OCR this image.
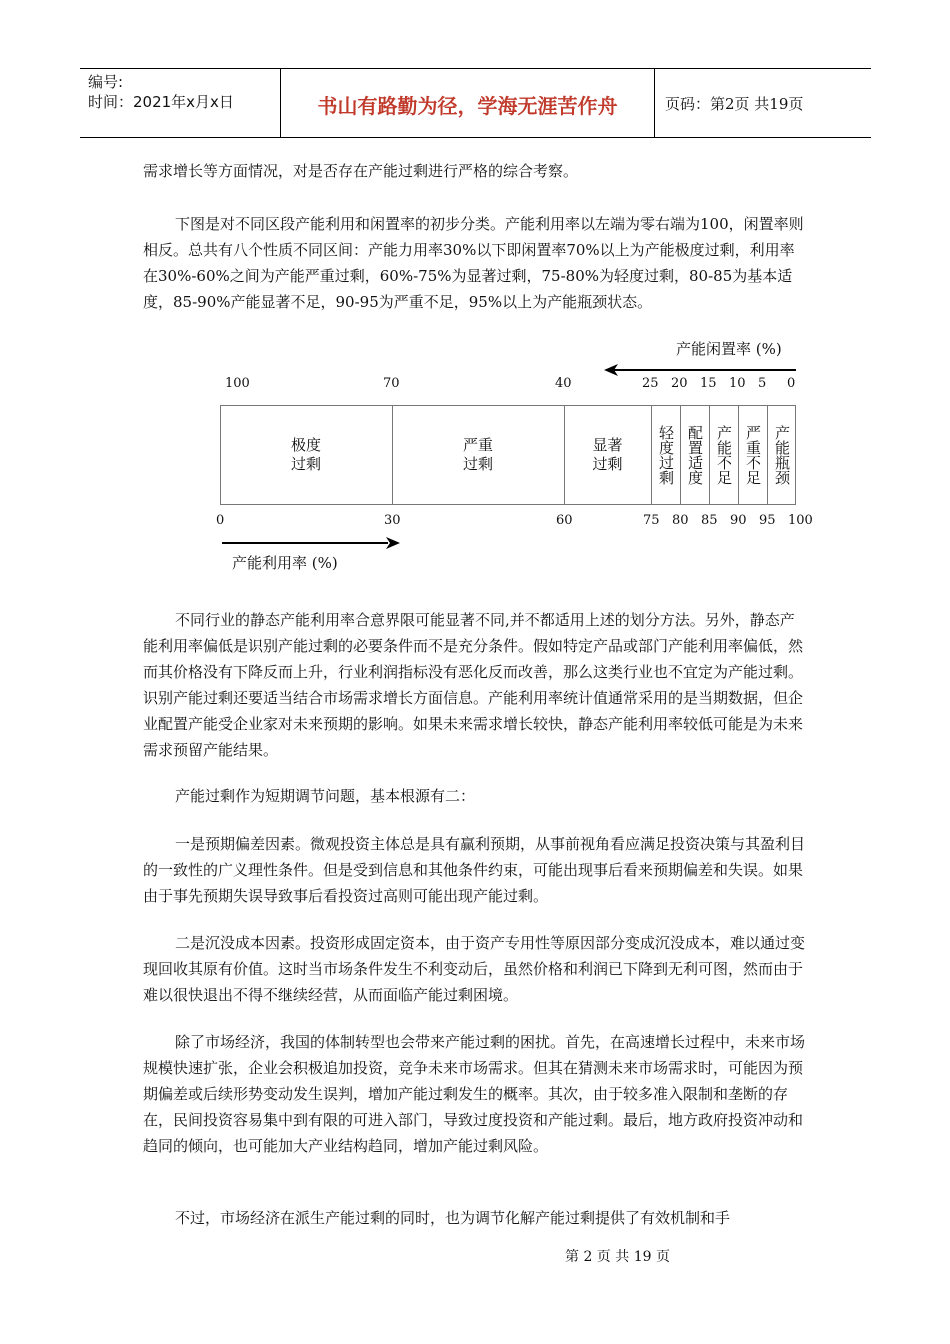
编号:
时间：2021年x月x日	书山有路勤为径，学海无涯苦作舟	页码：第2页 共19页

需求增长等方面情况，对是否存在产能过剩进行严格的综合考察。

下图是对不同区段产能利用和闲置率的初步分类。产能利用率以左端为零右端为100，闲置率则相反。总共有八个性质不同区间：产能力用率30%以下即闲置率70%以上为产能极度过剩，利用率在30%-60%之间为产能严重过剩，60%-75%为显著过剩，75-80%为轻度过剩，80-85为基本适度，85-90%产能显著不足，90-95为严重不足，95%以上为产能瓶颈状态。

产能闲置率 (%)
100	70	40	25 20 15 10 5 0
极度
过剩
严重
过剩
显著
过剩	轻度过剩 配置适度 产能不足 严重不足 产能瓶颈
0	30	60	75 80 85 90 95 100
产能利用率 (%)

不同行业的静态产能利用率合意界限可能显著不同,并不都适用上述的划分方法。另外，静态产能利用率偏低是识别产能过剩的必要条件而不是充分条件。假如特定产品或部门产能利用率偏低，然而其价格没有下降反而上升，行业利润指标没有恶化反而改善，那么这类行业也不宜定为产能过剩。识别产能过剩还要适当结合市场需求增长方面信息。产能利用率统计值通常采用的是当期数据，但企业配置产能受企业家对未来预期的影响。如果未来需求增长较快，静态产能利用率较低可能是为未来需求预留产能结果。

产能过剩作为短期调节问题，基本根源有二：

一是预期偏差因素。微观投资主体总是具有赢利预期，从事前视角看应满足投资决策与其盈利目的一致性的广义理性条件。但是受到信息和其他条件约束，可能出现事后看来预期偏差和失误。如果由于事先预期失误导致事后看投资过高则可能出现产能过剩。

二是沉没成本因素。投资形成固定资本，由于资产专用性等原因部分变成沉没成本，难以通过变现回收其原有价值。这时当市场条件发生不利变动后，虽然价格和利润已下降到无利可图，然而由于难以很快退出不得不继续经营，从而面临产能过剩困境。

除了市场经济，我国的体制转型也会带来产能过剩的困扰。首先，在高速增长过程中，未来市场规模快速扩张，企业会积极追加投资，竞争未来市场需求。但其在猜测未来市场需求时，可能因为预期偏差或后续形势变动发生误判，增加产能过剩发生的概率。其次，由于较多准入限制和垄断的存在，民间投资容易集中到有限的可进入部门，导致过度投资和产能过剩。最后，地方政府投资冲动和趋同的倾向，也可能加大产业结构趋同，增加产能过剩风险。

不过，市场经济在派生产能过剩的同时，也为调节化解产能过剩提供了有效机制和手

第 2 页 共 19 页
